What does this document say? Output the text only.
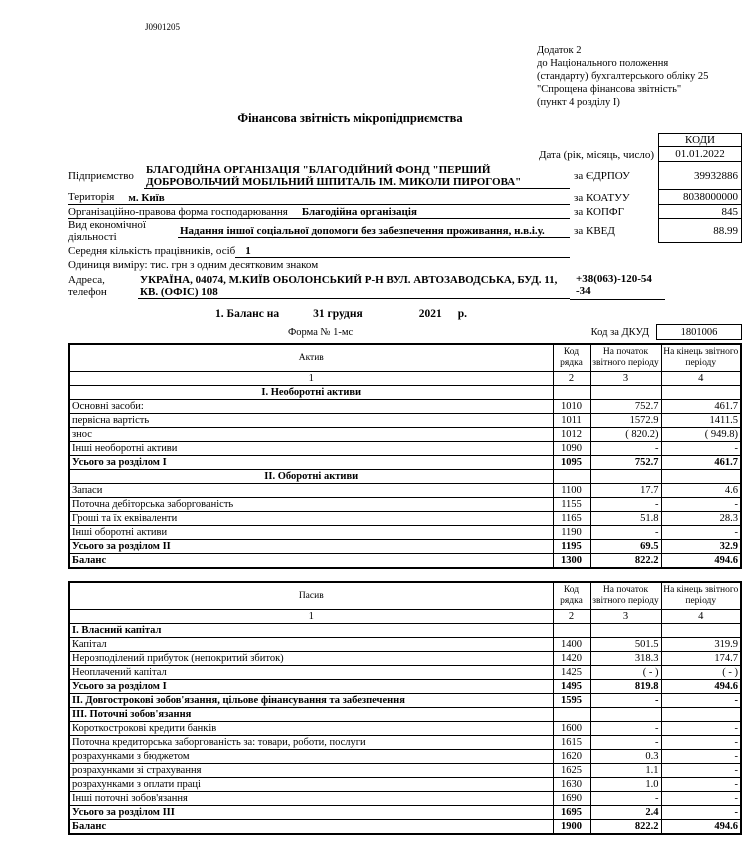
J0901205
Додаток 2
до Національного положення
(стандарту) бухгалтерського обліку 25
"Спрощена фінансова звітність"
(пункт 4 розділу I)
Фінансова звітність мікропідприємства
КОДИ
Дата (рік, місяць, число)	01.01.2022
Підприємство	БЛАГОДІЙНА ОРГАНІЗАЦІЯ "БЛАГОДІЙНИЙ ФОНД "ПЕРШИЙ ДОБРОВОЛЬЧИЙ МОБІЛЬНИЙ ШПИТАЛЬ ІМ. МИКОЛИ ПИРОГОВА"	за ЄДРПОУ	39932886
Територія м. Київ	за КОАТУУ	8038000000
Організаційно-правова форма господарювання Благодійна організація	за КОПФГ	845
Вид економічної діяльності	Надання іншої соціальної допомоги без забезпечення проживання, н.в.і.у.	за КВЕД	88.99
Середня кількість працівників, осіб 1
Одиниця виміру: тис. грн з одним десятковим знаком
Адреса, телефон
УКРАЇНА, 04074, М.КИЇВ ОБОЛОНСЬКИЙ Р-Н ВУЛ. АВТОЗАВОДСЬКА, БУД. 11, КВ. (ОФІС) 108
+38(063)-120-54 -34
1. Баланс на	31 грудня	2021 р.
Форма № 1-мс	Код за ДКУД	1801006
Актив	Код рядка	На початок звітного періоду	На кінець звітного періоду
1	2	3	4
I. Необоротні активи			
Основні засоби:	1010	752.7	461.7
первісна вартість	1011	1572.9	1411.5
знос	1012	( 820.2)	( 949.8)
Інші необоротні активи	1090	-	-
Усього за розділом I	1095	752.7	461.7
II. Оборотні активи			
Запаси	1100	17.7	4.6
Поточна дебіторська заборгованість	1155	-	-
Гроші та їх еквіваленти	1165	51.8	28.3
Інші оборотні активи	1190	-	-
Усього за розділом II	1195	69.5	32.9
Баланс	1300	822.2	494.6
Пасив	Код рядка	На початок звітного періоду	На кінець звітного періоду
1	2	3	4
I. Власний капітал			
Капітал	1400	501.5	319.9
Нерозподілений прибуток (непокритий збиток)	1420	318.3	174.7
Неоплачений капітал	1425	( - )	( - )
Усього за розділом I	1495	819.8	494.6
II. Довгострокові зобов'язання, цільове фінансування та забезпечення	1595	-	-
III. Поточні зобов'язання			
Короткострокові кредити банків	1600	-	-
Поточна кредиторська заборгованість за: товари, роботи, послуги	1615	-	-
розрахунками з бюджетом	1620	0.3	-
розрахунками зі страхування	1625	1.1	-
розрахунками з оплати праці	1630	1.0	-
Інші поточні зобов'язання	1690	-	-
Усього за розділом III	1695	2.4	-
Баланс	1900	822.2	494.6
